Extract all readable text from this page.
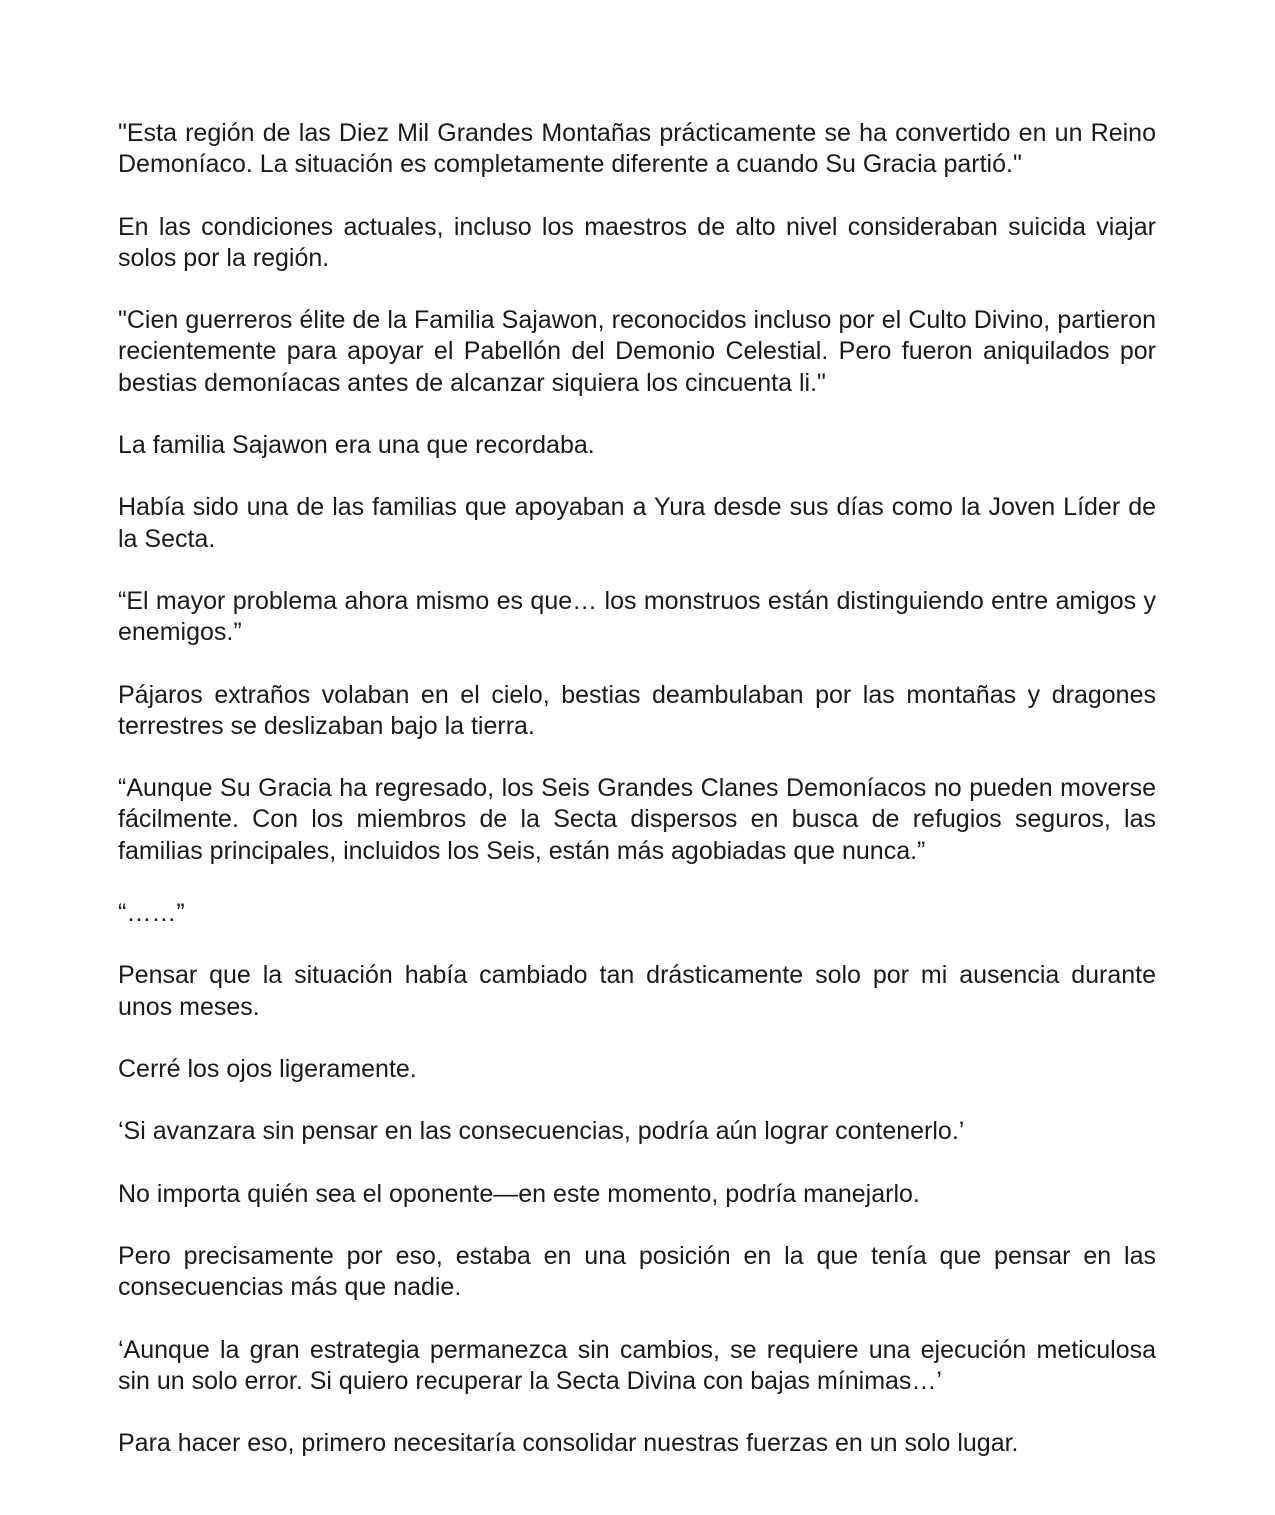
"Esta región de las Diez Mil Grandes Montañas prácticamente se ha convertido en un Reino Demoníaco. La situación es completamente diferente a cuando Su Gracia partió."

En las condiciones actuales, incluso los maestros de alto nivel consideraban suicida viajar solos por la región.

"Cien guerreros élite de la Familia Sajawon, reconocidos incluso por el Culto Divino, partieron recientemente para apoyar el Pabellón del Demonio Celestial. Pero fueron aniquilados por bestias demoníacas antes de alcanzar siquiera los cincuenta li."

La familia Sajawon era una que recordaba.

Había sido una de las familias que apoyaban a Yura desde sus días como la Joven Líder de la Secta.

“El mayor problema ahora mismo es que… los monstruos están distinguiendo entre amigos y enemigos.”

Pájaros extraños volaban en el cielo, bestias deambulaban por las montañas y dragones terrestres se deslizaban bajo la tierra.

“Aunque Su Gracia ha regresado, los Seis Grandes Clanes Demoníacos no pueden moverse fácilmente. Con los miembros de la Secta dispersos en busca de refugios seguros, las familias principales, incluidos los Seis, están más agobiadas que nunca.”

“……”

Pensar que la situación había cambiado tan drásticamente solo por mi ausencia durante unos meses.

Cerré los ojos ligeramente.

‘Si avanzara sin pensar en las consecuencias, podría aún lograr contenerlo.’

No importa quién sea el oponente—en este momento, podría manejarlo.

Pero precisamente por eso, estaba en una posición en la que tenía que pensar en las consecuencias más que nadie.

‘Aunque la gran estrategia permanezca sin cambios, se requiere una ejecución meticulosa sin un solo error. Si quiero recuperar la Secta Divina con bajas mínimas…’

Para hacer eso, primero necesitaría consolidar nuestras fuerzas en un solo lugar.
